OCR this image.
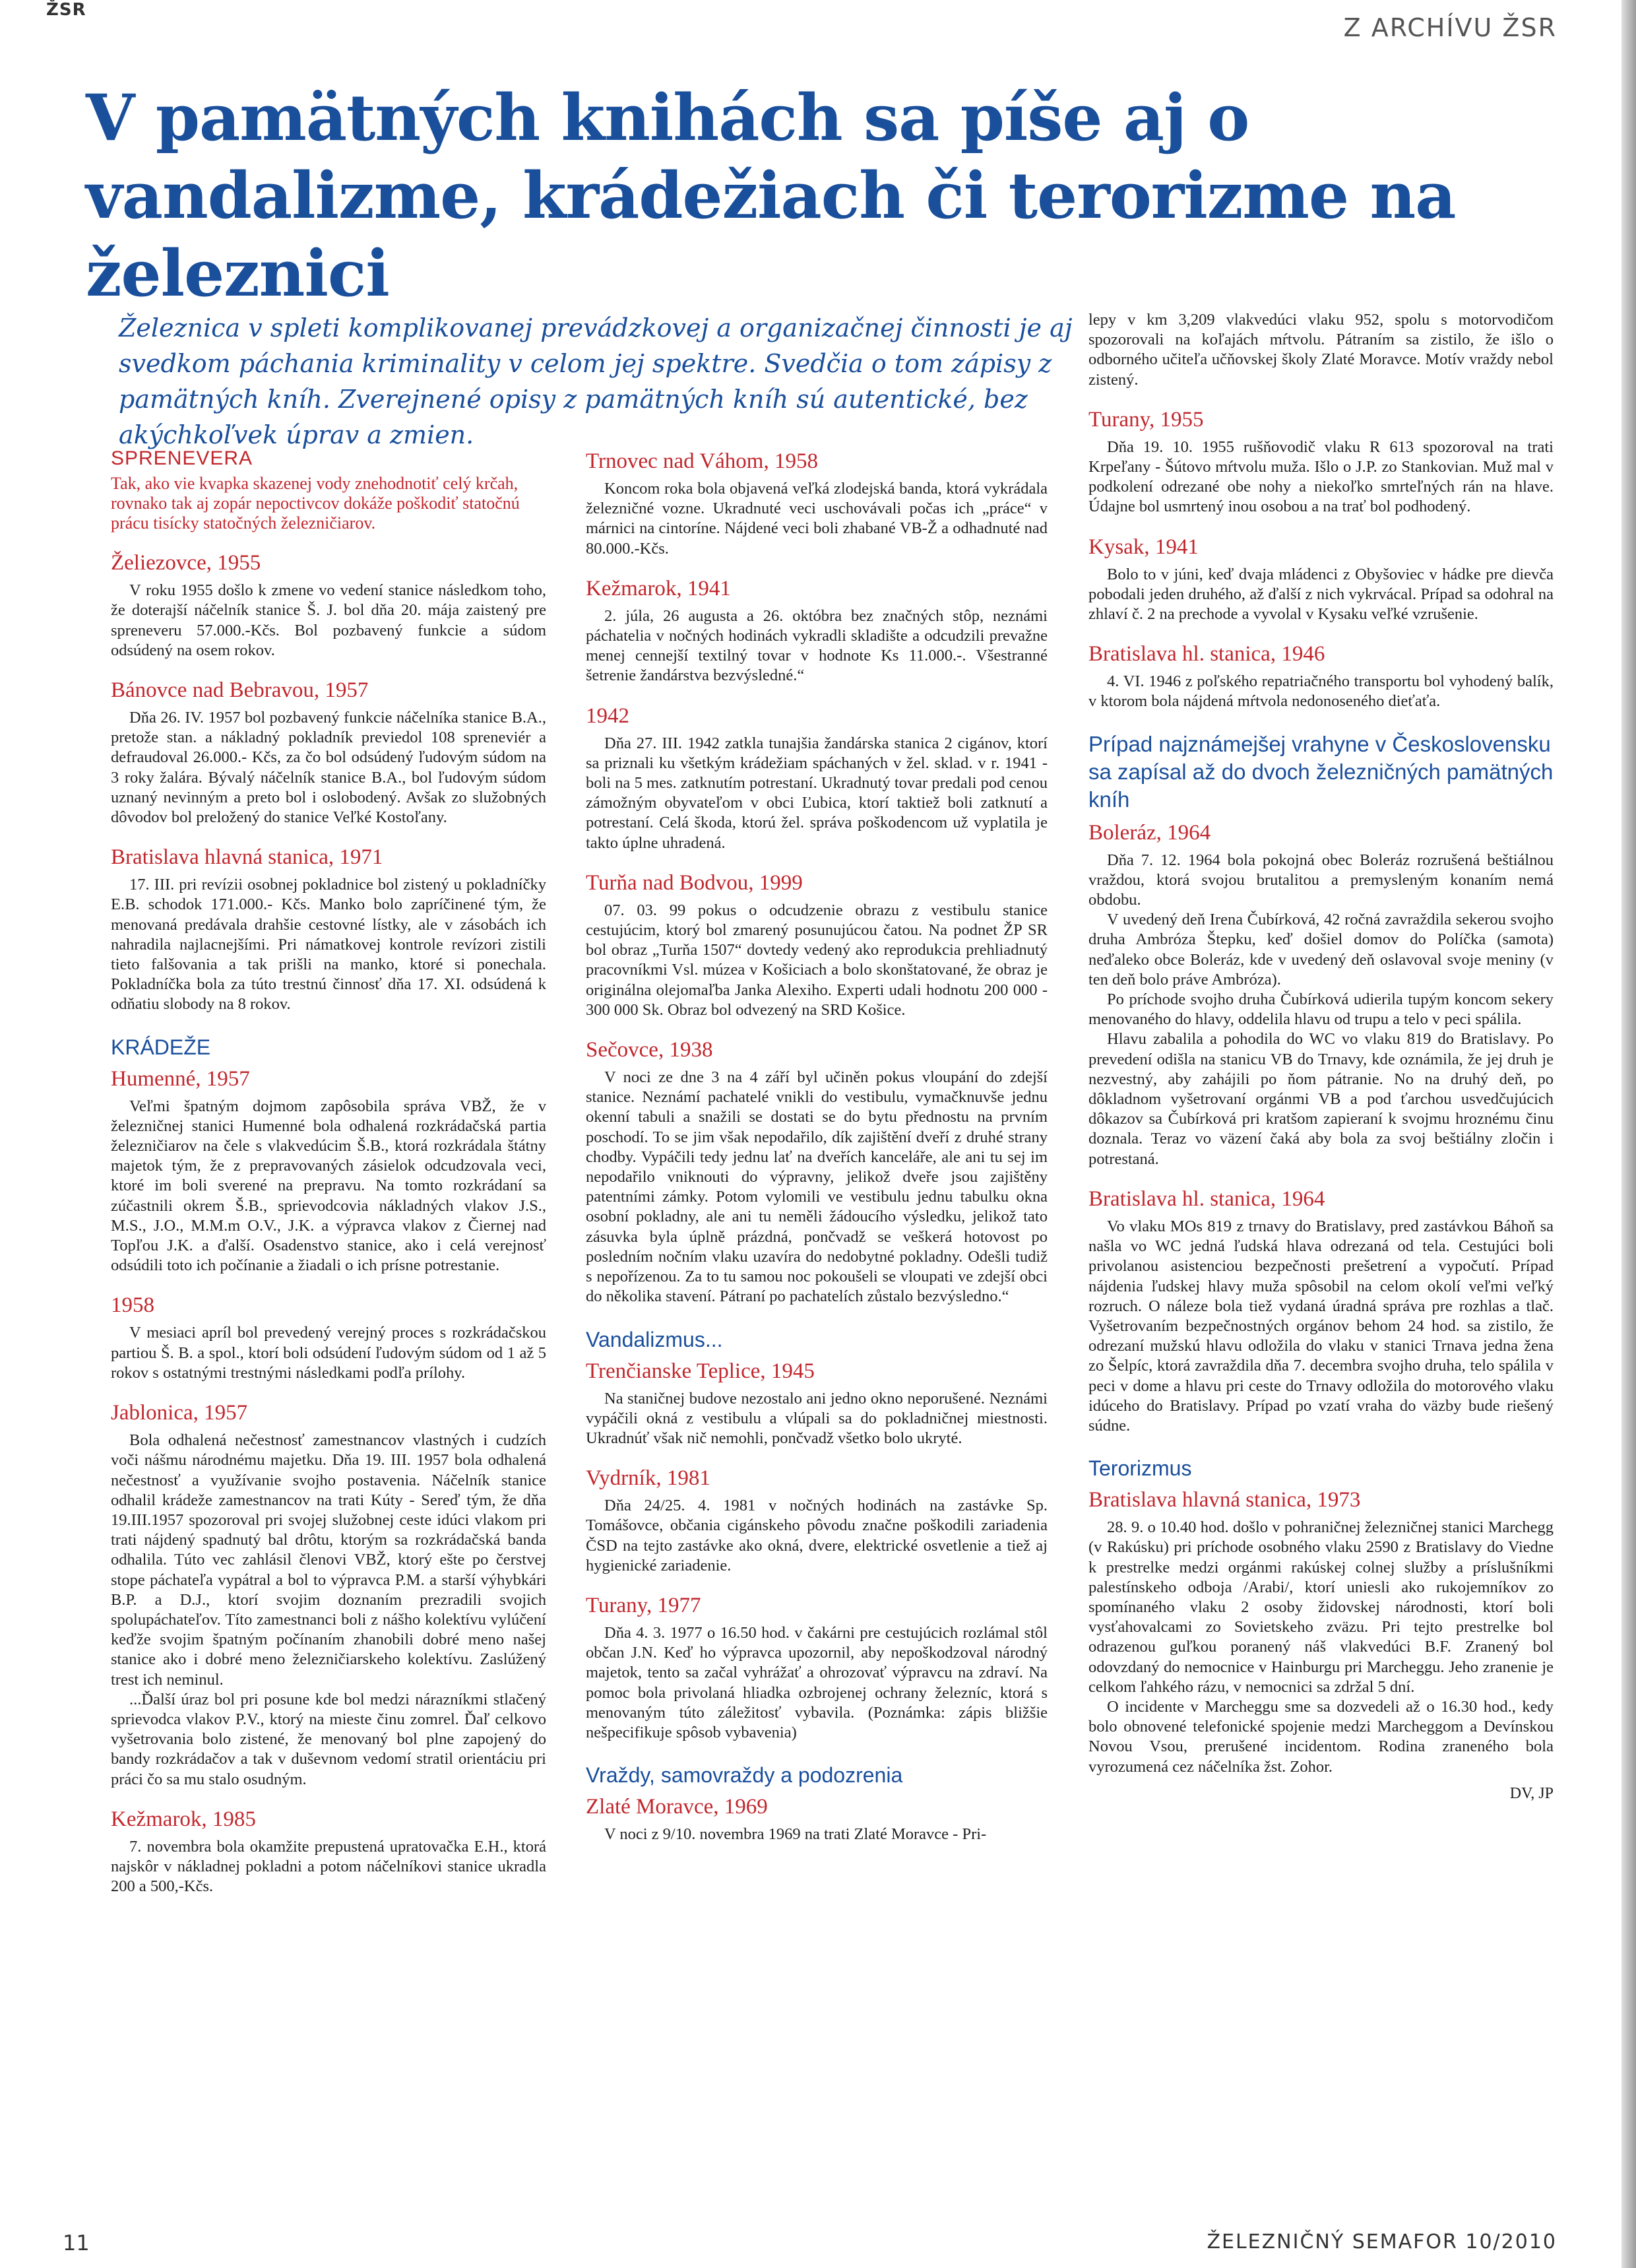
ŽSR
Z ARCHÍVU ŽSR
V pamätných knihách sa píše aj o vandalizme, krádežiach či terorizme na železnici

Železnica v spleti komplikovanej prevádzkovej a organizačnej činnosti je aj svedkom páchania kriminality v celom jej spektre. Svedčia o tom zápisy z pamätných kníh. Zverejnené opisy z pamätných kníh sú autentické, bez akýchkoľvek úprav a zmien.

SPRENEVERA
Tak, ako vie kvapka skazenej vody znehodnotiť celý krčah, rovnako tak aj zopár nepoctivcov dokáže poškodiť statočnú prácu tisícky statočných železničiarov.
Želiezovce, 1955

V roku 1955 došlo k zmene vo vedení stanice následkom toho, že doterajší náčelník stanice Š. J. bol dňa 20. mája zaistený pre spreneveru 57.000.-Kčs. Bol pozbavený funkcie a súdom odsúdený na osem rokov.

Bánovce nad Bebravou, 1957

Dňa 26. IV. 1957 bol pozbavený funkcie náčelníka stanice B.A., pretože stan. a nákladný pokladník previedol 108 spreneviér a defraudoval 26.000.- Kčs, za čo bol odsúdený ľudovým súdom na 3 roky žalára. Bývalý náčelník stanice B.A., bol ľudovým súdom uznaný nevinným a preto bol i oslobodený. Avšak zo služobných dôvodov bol preložený do stanice Veľké Kostoľany.

Bratislava hlavná stanica, 1971

17. III. pri revízii osobnej pokladnice bol zistený u pokladníčky E.B. schodok 171.000.- Kčs. Manko bolo zapríčinené tým, že menovaná predávala drahšie cestovné lístky, ale v zásobách ich nahradila najlacnejšími. Pri námatkovej kontrole revízori zistili tieto falšovania a tak prišli na manko, ktoré si ponechala. Pokladníčka bola za túto trestnú činnosť dňa 17. XI. odsúdená k odňatiu slobody na 8 rokov.

KRÁDEŽE
Humenné, 1957

Veľmi špatným dojmom zapôsobila správa VBŽ, že v železničnej stanici Humenné bola odhalená rozkrádačská partia železničiarov na čele s vlakvedúcim Š.B., ktorá rozkrádala štátny majetok tým, že z prepravovaných zásielok odcudzovala veci, ktoré im boli sverené na prepravu. Na tomto rozkrádaní sa zúčastnili okrem Š.B., sprievodcovia nákladných vlakov J.S., M.S., J.O., M.M.m O.V., J.K. a výpravca vlakov z Čiernej nad Topľou J.K. a ďalší. Osadenstvo stanice, ako i celá verejnosť odsúdili toto ich počínanie a žiadali o ich prísne potrestanie.

1958

V mesiaci apríl bol prevedený verejný proces s rozkrádačskou partiou Š. B. a spol., ktorí boli odsúdení ľudovým súdom od 1 až 5 rokov s ostatnými trestnými následkami podľa prílohy.

Jablonica, 1957

Bola odhalená nečestnosť zamestnancov vlastných i cudzích voči nášmu národnému majetku. Dňa 19. III. 1957 bola odhalená nečestnosť a využívanie svojho postavenia. Náčelník stanice odhalil krádeže zamestnancov na trati Kúty - Sereď tým, že dňa 19.III.1957 spozoroval pri svojej služobnej ceste idúci vlakom pri trati nájdený spadnutý bal drôtu, ktorým sa rozkrádačská banda odhalila. Túto vec zahlásil členovi VBŽ, ktorý ešte po čerstvej stope páchateľa vypátral a bol to výpravca P.M. a starší výhybkári B.P. a D.J., ktorí svojim doznaním prezradili svojich spolupáchateľov. Títo zamestnanci boli z nášho kolektívu vylúčení keďže svojim špatným počínaním zhanobili dobré meno našej stanice ako i dobré meno železničiarskeho kolektívu. Zaslúžený trest ich neminul.

...Ďalší úraz bol pri posune kde bol medzi nárazníkmi stlačený sprievodca vlakov P.V., ktorý na mieste činu zomrel. Ďaľ celkovo vyšetrovania bolo zistené, že menovaný bol plne zapojený do bandy rozkrádačov a tak v duševnom vedomí stratil orientáciu pri práci čo sa mu stalo osudným.

Kežmarok, 1985

7. novembra bola okamžite prepustená upratovačka E.H., ktorá najskôr v nákladnej pokladni a potom náčelníkovi stanice ukradla 200 a 500,-Kčs.

Trnovec nad Váhom, 1958

Koncom roka bola objavená veľká zlodejská banda, ktorá vykrádala železničné vozne. Ukradnuté veci uschovávali počas ich „práce“ v márnici na cintoríne. Nájdené veci boli zhabané VB-Ž a odhadnuté nad 80.000.-Kčs.

Kežmarok, 1941

2. júla, 26 augusta a 26. októbra bez značných stôp, neznámi páchatelia v nočných hodinách vykradli skladište a odcudzili prevažne menej cennejší textilný tovar v hodnote Ks 11.000.-. Všestranné šetrenie žandárstva bezvýsledné.“

1942

Dňa 27. III. 1942 zatkla tunajšia žandárska stanica 2 cigánov, ktorí sa priznali ku všetkým krádežiam spáchaných v žel. sklad. v r. 1941 - boli na 5 mes. zatknutím potrestaní. Ukradnutý tovar predali pod cenou zámožným obyvateľom v obci Ľubica, ktorí taktiež boli zatknutí a potrestaní. Celá škoda, ktorú žel. správa poškodencom už vyplatila je takto úplne uhradená.

Turňa nad Bodvou, 1999

07. 03. 99 pokus o odcudzenie obrazu z vestibulu stanice cestujúcim, ktorý bol zmarený posunujúcou čatou. Na podnet ŽP SR bol obraz „Turňa 1507“ dovtedy vedený ako reprodukcia prehliadnutý pracovníkmi Vsl. múzea v Košiciach a bolo skonštatované, že obraz je originálna olejomaľba Janka Alexiho. Experti udali hodnotu 200 000 - 300 000 Sk. Obraz bol odvezený na SRD Košice.

Sečovce, 1938

V noci ze dne 3 na 4 září byl učiněn pokus vloupání do zdejší stanice. Neznámí pachatelé vnikli do vestibulu, vymačknuvše jednu okenní tabuli a snažili se dostati se do bytu přednostu na prvním poschodí. To se jim však nepodařilo, dík zajištění dveří z druhé strany chodby. Vypáčili tedy jednu lať na dveřích kanceláře, ale ani tu sej im nepodařilo vniknouti do výpravny, jelikož dveře jsou zajištěny patentními zámky. Potom vylomili ve vestibulu jednu tabulku okna osobní pokladny, ale ani tu neměli žádoucího výsledku, jelikož tato zásuvka byla úplně prázdná, pončvadž se veškerá hotovost po posledním nočním vlaku uzavíra do nedobytné pokladny. Odešli tudiž s nepořízenou. Za to tu samou noc pokoušeli se vloupati ve zdejší obci do několika stavení. Pátraní po pachatelích zůstalo bezvýsledno.“

Vandalizmus...
Trenčianske Teplice, 1945

Na staničnej budove nezostalo ani jedno okno neporušené. Neznámi vypáčili okná z vestibulu a vlúpali sa do pokladničnej miestnosti. Ukradnúť však nič nemohli, pončvadž všetko bolo ukryté.

Vydrník, 1981

Dňa 24/25. 4. 1981 v nočných hodinách na zastávke Sp. Tomášovce, občania cigánskeho pôvodu značne poškodili zariadenia ČSD na tejto zastávke ako okná, dvere, elektrické osvetlenie a tiež aj hygienické zariadenie.

Turany, 1977

Dňa 4. 3. 1977 o 16.50 hod. v čakárni pre cestujúcich rozlámal stôl občan J.N. Keď ho výpravca upozornil, aby nepoškodzoval národný majetok, tento sa začal vyhrážať a ohrozovať výpravcu na zdraví. Na pomoc bola privolaná hliadka ozbrojenej ochrany železníc, ktorá s menovaným túto záležitosť vybavila. (Poznámka: zápis bližšie nešpecifikuje spôsob vybavenia)

Vraždy, samovraždy a podozrenia
Zlaté Moravce, 1969

V noci z 9/10. novembra 1969 na trati Zlaté Moravce - Pri-

lepy v km 3,209 vlakvedúci vlaku 952, spolu s motorvodičom spozorovali na koľajách mŕtvolu. Pátraním sa zistilo, že išlo o odborného učiteľa učňovskej školy Zlaté Moravce. Motív vraždy nebol zistený.

Turany, 1955

Dňa 19. 10. 1955 rušňovodič vlaku R 613 spozoroval na trati Krpeľany - Šútovo mŕtvolu muža. Išlo o J.P. zo Stankovian. Muž mal v podkolení odrezané obe nohy a niekoľko smrteľných rán na hlave. Údajne bol usmrtený inou osobou a na trať bol podhodený.

Kysak, 1941

Bolo to v júni, keď dvaja mládenci z Obyšoviec v hádke pre dievča pobodali jeden druhého, až ďalší z nich vykrvácal. Prípad sa odohral na zhlaví č. 2 na prechode a vyvolal v Kysaku veľké vzrušenie.

Bratislava hl. stanica, 1946

4. VI. 1946 z poľského repatriačného transportu bol vyhodený balík, v ktorom bola nájdená mŕtvola nedonoseného dieťaťa.

Prípad najznámejšej vrahyne v Československu sa zapísal až do dvoch železničných pamätných kníh
Boleráz, 1964

Dňa 7. 12. 1964 bola pokojná obec Boleráz rozrušená beštiálnou vraždou, ktorá svojou brutalitou a premysleným konaním nemá obdobu.

V uvedený deň Irena Čubírková, 42 ročná zavraždila sekerou svojho druha Ambróza Štepku, keď došiel domov do Políčka (samota) neďaleko obce Boleráz, kde v uvedený deň oslavoval svoje meniny (v ten deň bolo práve Ambróza).

Po príchode svojho druha Čubírková udierila tupým koncom sekery menovaného do hlavy, oddelila hlavu od trupu a telo v peci spálila.

Hlavu zabalila a pohodila do WC vo vlaku 819 do Bratislavy. Po prevedení odišla na stanicu VB do Trnavy, kde oznámila, že jej druh je nezvestný, aby zahájili po ňom pátranie. No na druhý deň, po dôkladnom vyšetrovaní orgánmi VB a pod ťarchou usvedčujúcich dôkazov sa Čubírková pri kratšom zapieraní k svojmu hroznému činu doznala. Teraz vo väzení čaká aby bola za svoj beštiálny zločin i potrestaná.

Bratislava hl. stanica, 1964

Vo vlaku MOs 819 z trnavy do Bratislavy, pred zastávkou Báhoň sa našla vo WC jedná ľudská hlava odrezaná od tela. Cestujúci boli privolanou asistenciou bezpečnosti prešetrení a vypočutí. Prípad nájdenia ľudskej hlavy muža spôsobil na celom okolí veľmi veľký rozruch. O náleze bola tiež vydaná úradná správa pre rozhlas a tlač. Vyšetrovaním bezpečnostných orgánov behom 24 hod. sa zistilo, že odrezaní mužskú hlavu odložila do vlaku v stanici Trnava jedna žena zo Šelpíc, ktorá zavraždila dňa 7. decembra svojho druha, telo spálila v peci v dome a hlavu pri ceste do Trnavy odložila do motorového vlaku idúceho do Bratislavy. Prípad po vzatí vraha do väzby bude riešený súdne.

Terorizmus
Bratislava hlavná stanica, 1973

28. 9. o 10.40 hod. došlo v pohraničnej železničnej stanici Marchegg (v Rakúsku) pri príchode osobného vlaku 2590 z Bratislavy do Viedne k prestrelke medzi orgánmi rakúskej colnej služby a príslušníkmi palestínskeho odboja /Arabi/, ktorí uniesli ako rukojemníkov zo spomínaného vlaku 2 osoby židovskej národnosti, ktorí boli vysťahovalcami zo Sovietskeho zväzu. Pri tejto prestrelke bol odrazenou guľkou poranený náš vlakvedúci B.F. Zranený bol odovzdaný do nemocnice v Hainburgu pri Marcheggu. Jeho zranenie je celkom ľahkého rázu, v nemocnici sa zdržal 5 dní.

O incidente v Marcheggu sme sa dozvedeli až o 16.30 hod., kedy bolo obnovené telefonické spojenie medzi Marcheggom a Devínskou Novou Vsou, prerušené incidentom. Rodina zraneného bola vyrozumená cez náčelníka žst. Zohor.

DV, JP
11	ŽELEZNIČNÝ SEMAFOR 10/2010
